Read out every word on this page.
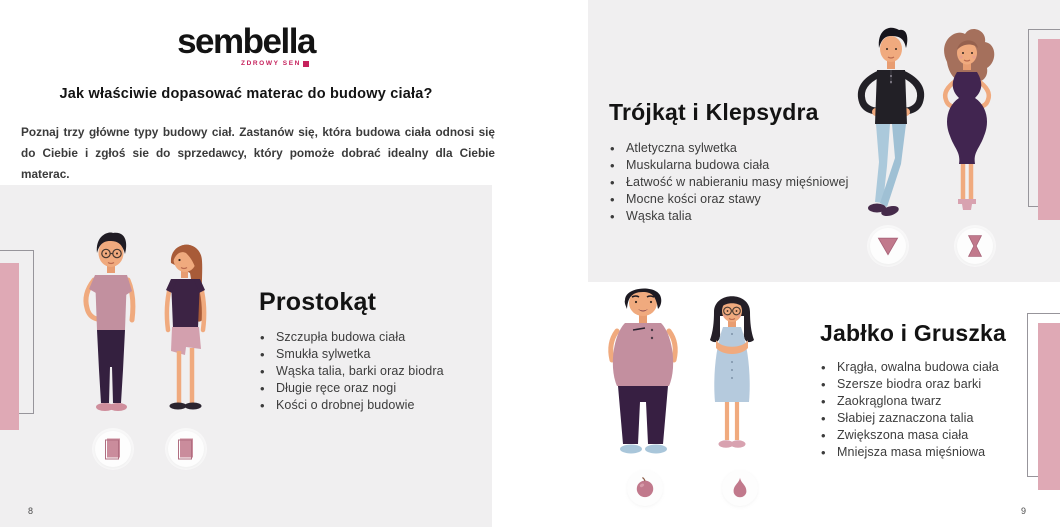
sembella
ZDROWY SEN
Jak właściwie dopasować materac do budowy ciała?

Poznaj trzy główne typy budowy ciał. Zastanów się, która budowa ciała odnosi się do Ciebie i zgłoś sie do sprzedawcy, który pomoże dobrać idealny dla Ciebie materac.

Prostokąt
• Szczupła budowa ciała
• Smukła sylwetka
• Wąska talia, barki oraz biodra
• Długie ręce oraz nogi
• Kości o drobnej budowie
8
Trójkąt i Klepsydra
• Atletyczna sylwetka
• Muskularna budowa ciała
• Łatwość w nabieraniu masy mięśniowej
• Mocne kości oraz stawy
• Wąska talia
Jabłko i Gruszka
• Krągła, owalna budowa ciała
• Szersze biodra oraz barki
• Zaokrąglona twarz
• Słabiej zaznaczona talia
• Zwiększona masa ciała
• Mniejsza masa mięśniowa
9
